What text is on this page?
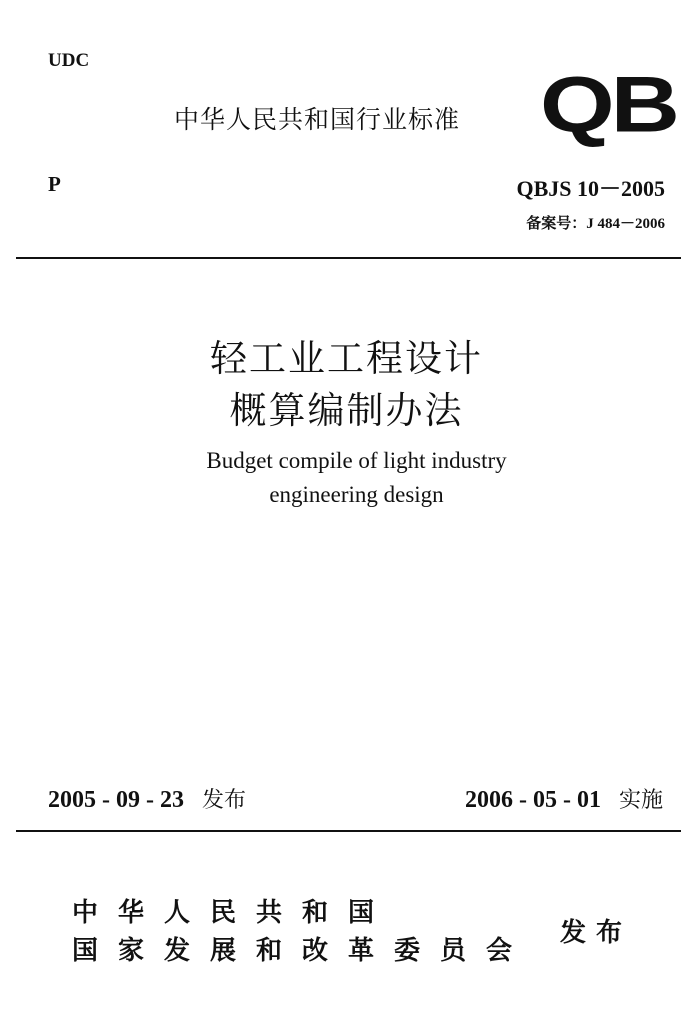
UDC
中华人民共和国行业标准 QB
P	QBJS 10－2005
备案号：J 484－2006
轻工业工程设计
概算编制办法
Budget compile of light industry
engineering design
2005 - 09 - 23 发布	2006 - 05 - 01 实施
中华人民共和国
国家发展和改革委员会
发布
